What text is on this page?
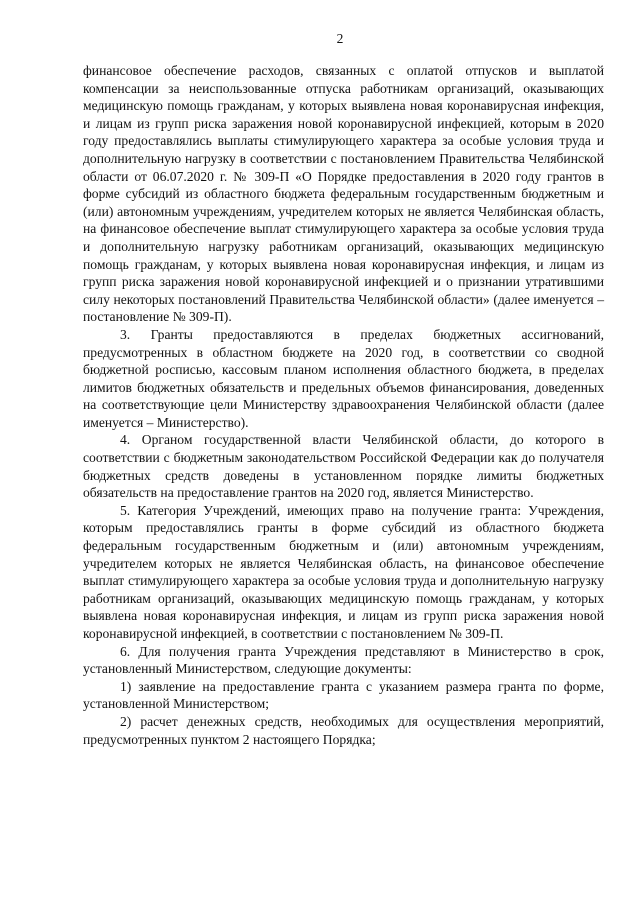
2

финансовое обеспечение расходов, связанных с оплатой отпусков и выплатой компенсации за неиспользованные отпуска работникам организаций, оказывающих медицинскую помощь гражданам, у которых выявлена новая коронавирусная инфекция, и лицам из групп риска заражения новой коронавирусной инфекцией, которым в 2020 году предоставлялись выплаты стимулирующего характера за особые условия труда и дополнительную нагрузку в соответствии с постановлением Правительства Челябинской области от 06.07.2020 г. № 309-П «О Порядке предоставления в 2020 году грантов в форме субсидий из областного бюджета федеральным государственным бюджетным и (или) автономным учреждениям, учредителем которых не является Челябинская область, на финансовое обеспечение выплат стимулирующего характера за особые условия труда и дополнительную нагрузку работникам организаций, оказывающих медицинскую помощь гражданам, у которых выявлена новая коронавирусная инфекция, и лицам из групп риска заражения новой коронавирусной инфекцией и о признании утратившими силу некоторых постановлений Правительства Челябинской области» (далее именуется – постановление № 309-П).

3. Гранты предоставляются в пределах бюджетных ассигнований, предусмотренных в областном бюджете на 2020 год, в соответствии со сводной бюджетной росписью, кассовым планом исполнения областного бюджета, в пределах лимитов бюджетных обязательств и предельных объемов финансирования, доведенных на соответствующие цели Министерству здравоохранения Челябинской области (далее именуется – Министерство).

4. Органом государственной власти Челябинской области, до которого в соответствии с бюджетным законодательством Российской Федерации как до получателя бюджетных средств доведены в установленном порядке лимиты бюджетных обязательств на предоставление грантов на 2020 год, является Министерство.

5. Категория Учреждений, имеющих право на получение гранта: Учреждения, которым предоставлялись гранты в форме субсидий из областного бюджета федеральным государственным бюджетным и (или) автономным учреждениям, учредителем которых не является Челябинская область, на финансовое обеспечение выплат стимулирующего характера за особые условия труда и дополнительную нагрузку работникам организаций, оказывающих медицинскую помощь гражданам, у которых выявлена новая коронавирусная инфекция, и лицам из групп риска заражения новой коронавирусной инфекцией, в соответствии с постановлением № 309-П.

6. Для получения гранта Учреждения представляют в Министерство в срок, установленный Министерством, следующие документы:

1) заявление на предоставление гранта с указанием размера гранта по форме, установленной Министерством;

2) расчет денежных средств, необходимых для осуществления мероприятий, предусмотренных пунктом 2 настоящего Порядка;
